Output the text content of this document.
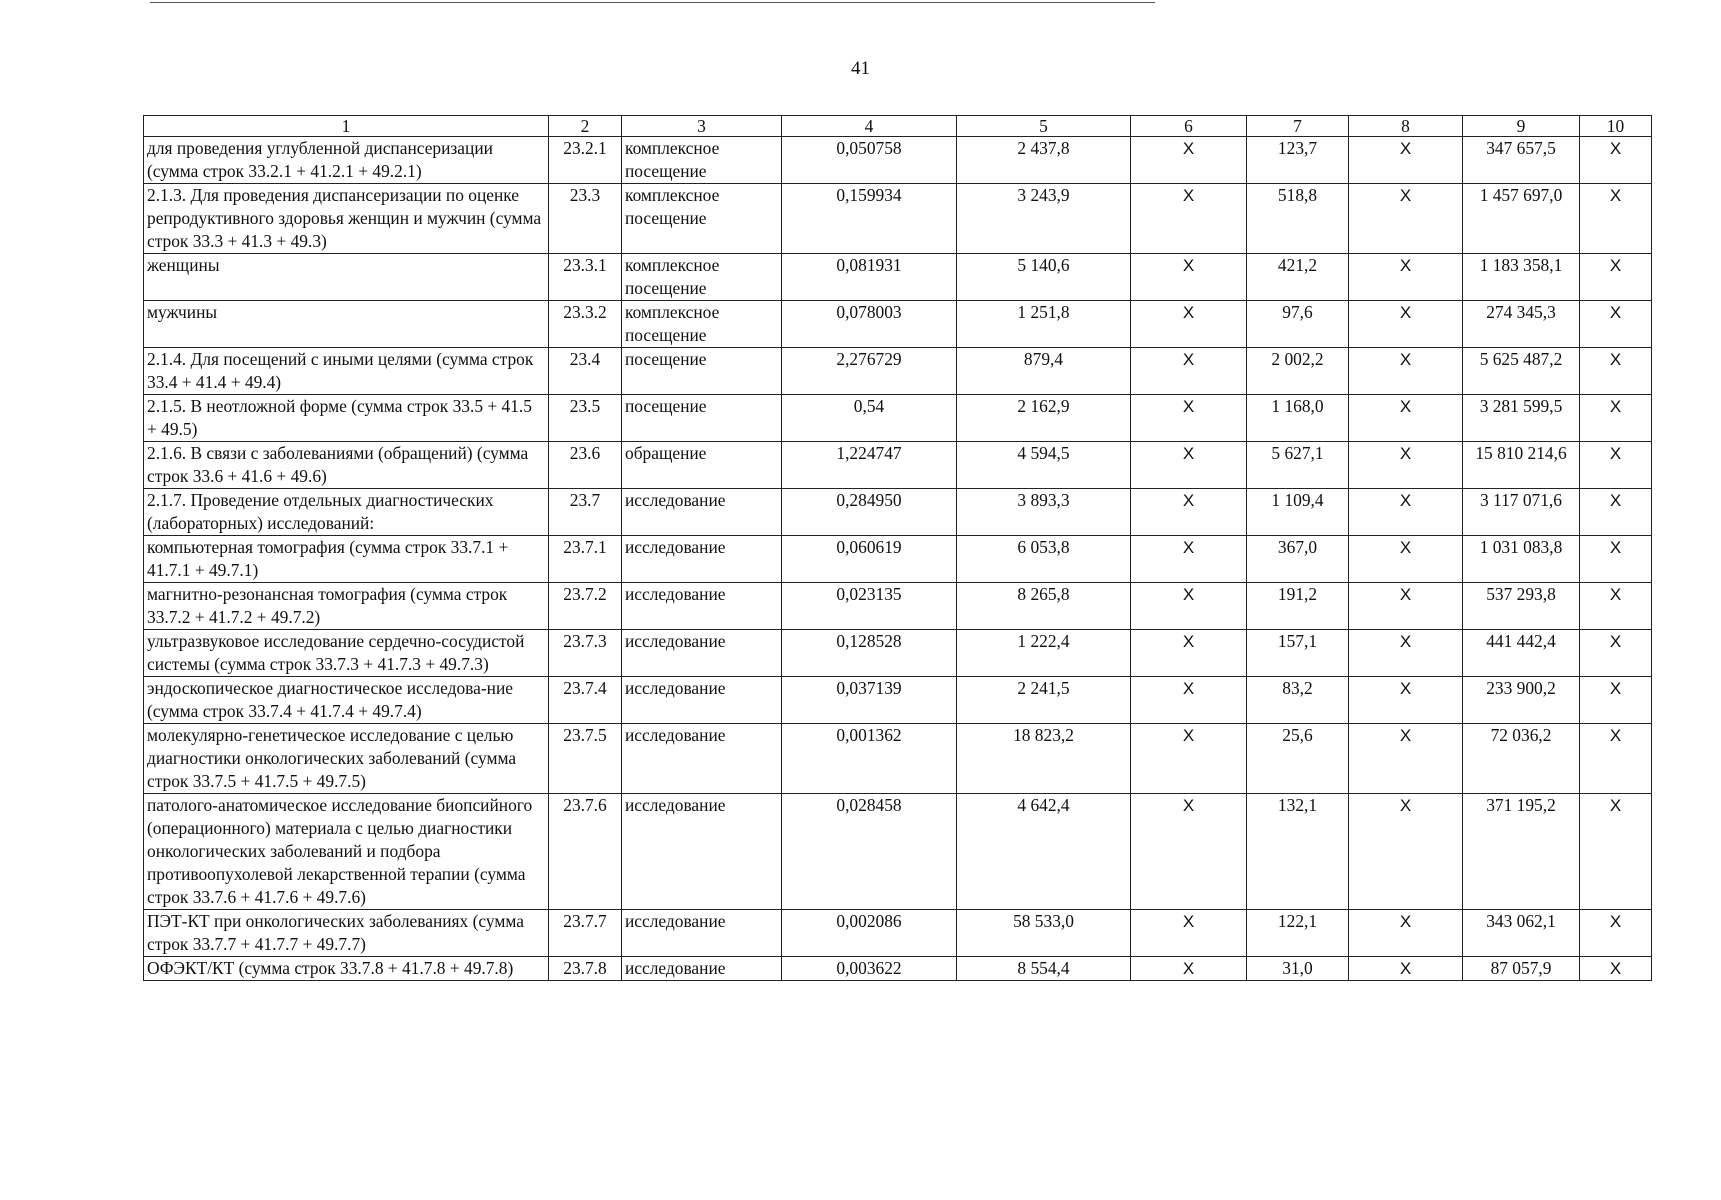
41
1	2	3	4	5	6	7	8	9	10
для проведения углубленной диспансеризации (сумма строк 33.2.1 + 41.2.1 + 49.2.1)	23.2.1	комплексное посещение	0,050758	2 437,8	Х	123,7	Х	347 657,5	Х
2.1.3. Для проведения диспансеризации по оценке репродуктивного здоровья женщин и мужчин (сумма строк 33.3 + 41.3 + 49.3)	23.3	комплексное посещение	0,159934	3 243,9	Х	518,8	Х	1 457 697,0	Х
женщины	23.3.1	комплексное посещение	0,081931	5 140,6	Х	421,2	Х	1 183 358,1	Х
мужчины	23.3.2	комплексное посещение	0,078003	1 251,8	Х	97,6	Х	274 345,3	Х
2.1.4. Для посещений с иными целями (сумма строк 33.4 + 41.4 + 49.4)	23.4	посещение	2,276729	879,4	Х	2 002,2	Х	5 625 487,2	Х
2.1.5. В неотложной форме (сумма строк 33.5 + 41.5 + 49.5)	23.5	посещение	0,54	2 162,9	Х	1 168,0	Х	3 281 599,5	Х
2.1.6. В связи с заболеваниями (обращений) (сумма строк 33.6 + 41.6 + 49.6)	23.6	обращение	1,224747	4 594,5	Х	5 627,1	Х	15 810 214,6	Х
2.1.7. Проведение отдельных диагностических (лабораторных) исследований:	23.7	исследование	0,284950	3 893,3	Х	1 109,4	Х	3 117 071,6	Х
компьютерная томография (сумма строк 33.7.1 + 41.7.1 + 49.7.1)	23.7.1	исследование	0,060619	6 053,8	Х	367,0	Х	1 031 083,8	Х
магнитно-резонансная томография (сумма строк 33.7.2 + 41.7.2 + 49.7.2)	23.7.2	исследование	0,023135	8 265,8	Х	191,2	Х	537 293,8	Х
ультразвуковое исследование сердечно-сосудистой системы (сумма строк 33.7.3 + 41.7.3 + 49.7.3)	23.7.3	исследование	0,128528	1 222,4	Х	157,1	Х	441 442,4	Х
эндоскопическое диагностическое исследова-ние (сумма строк 33.7.4 + 41.7.4 + 49.7.4)	23.7.4	исследование	0,037139	2 241,5	Х	83,2	Х	233 900,2	Х
молекулярно-генетическое исследование с целью диагностики онкологических заболеваний (сумма строк 33.7.5 + 41.7.5 + 49.7.5)	23.7.5	исследование	0,001362	18 823,2	Х	25,6	Х	72 036,2	Х
патолого-анатомическое исследование биопсийного (операционного) материала с целью диагностики онкологических заболеваний и подбора противоопухолевой лекарственной терапии (сумма строк 33.7.6 + 41.7.6 + 49.7.6)	23.7.6	исследование	0,028458	4 642,4	Х	132,1	Х	371 195,2	Х
ПЭТ-КТ при онкологических заболеваниях (сумма строк 33.7.7 + 41.7.7 + 49.7.7)	23.7.7	исследование	0,002086	58 533,0	Х	122,1	Х	343 062,1	Х
ОФЭКТ/КТ (сумма строк 33.7.8 + 41.7.8 + 49.7.8)	23.7.8	исследование	0,003622	8 554,4	Х	31,0	Х	87 057,9	Х
